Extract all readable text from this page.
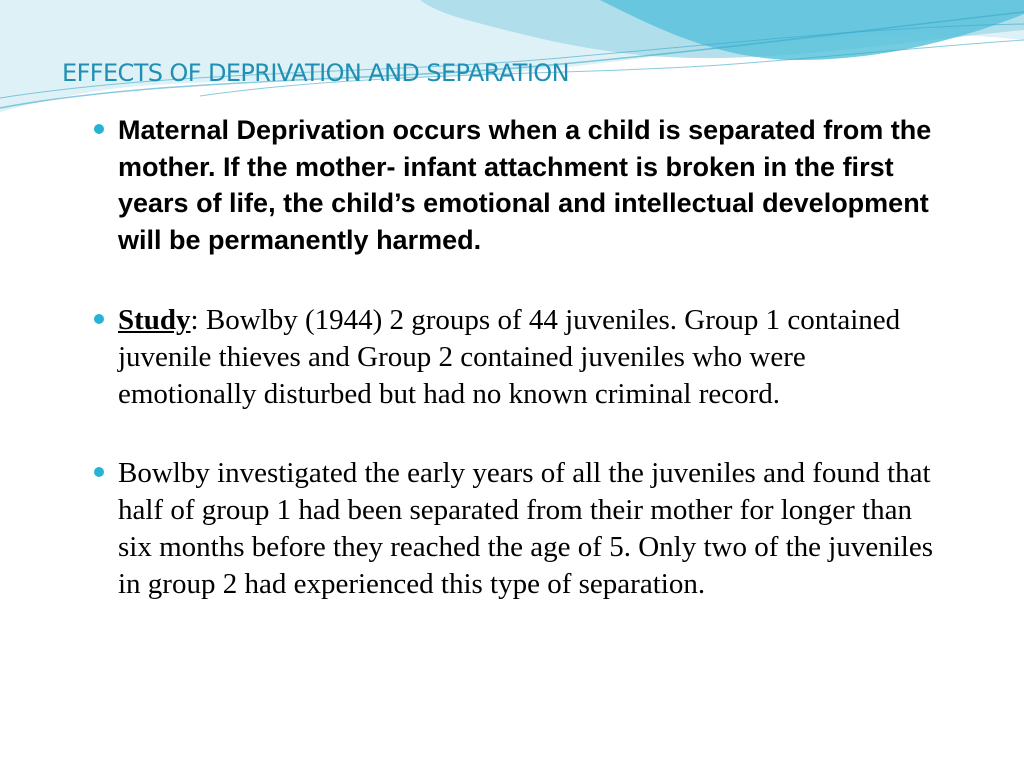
EFFECTS OF DEPRIVATION AND SEPARATION
Maternal Deprivation occurs when a child is separated from the mother. If the mother- infant attachment is broken in the first years of life, the child’s emotional and intellectual development will be permanently harmed.
Study: Bowlby (1944) 2 groups of 44 juveniles. Group 1 contained juvenile thieves and Group 2 contained juveniles who were emotionally disturbed but had no known criminal record.
Bowlby investigated the early years of all the juveniles and found that half of group 1 had been separated from their mother for longer than six months before they reached the age of 5. Only two of the juveniles in group 2 had experienced this type of separation.
